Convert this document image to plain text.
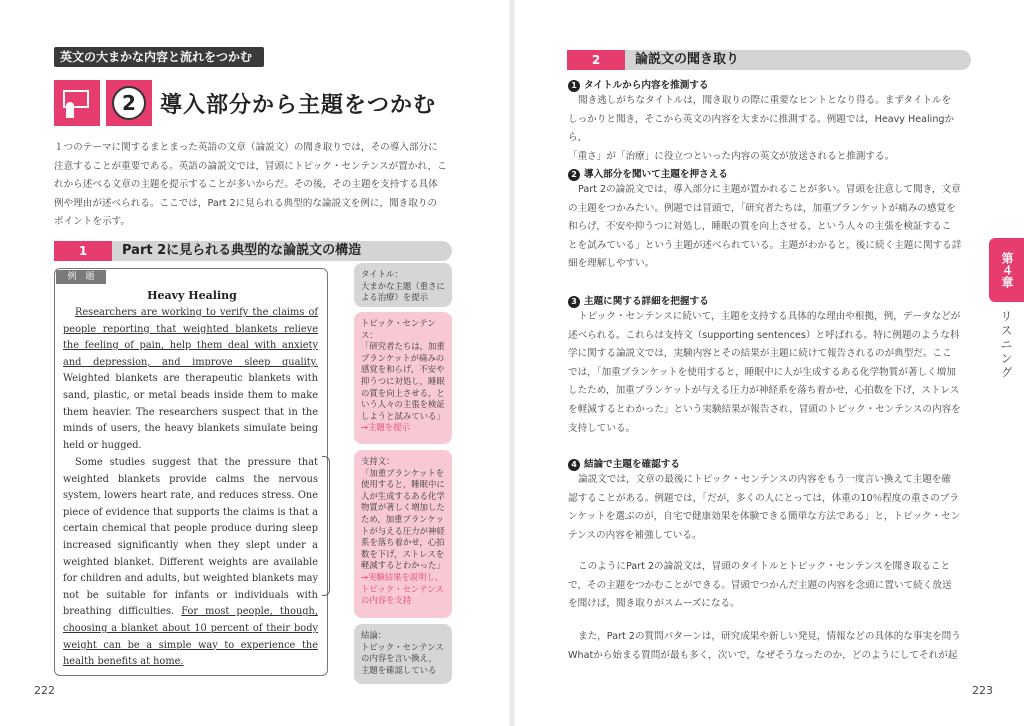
英文の大まかな内容と流れをつかむ
2	導入部分から主題をつかむ
１つのテーマに関するまとまった英語の文章（論説文）の聞き取りでは，その導入部分に
注意することが重要である。英語の論説文では，冒頭にトピック・センテンスが置かれ，こ
れから述べる文章の主題を提示することが多いからだ。その後，その主題を支持する具体
例や理由が述べられる。ここでは，Part 2に見られる典型的な論説文を例に，聞き取りの
ポイントを示す。
1	Part 2に見られる典型的な論説文の構造
例　題
Heavy Healing
Researchers are working to verify the claims of people reporting that weighted blankets relieve the feeling of pain, help them deal with anxiety and depression, and improve sleep quality. Weighted blankets are therapeutic blankets with sand, plastic, or metal beads inside them to make them heavier. The researchers suspect that in the minds of users, the heavy blankets simulate being held or hugged.
Some studies suggest that the pressure that weighted blankets provide calms the nervous system, lowers heart rate, and reduces stress. One piece of evidence that supports the claims is that a certain chemical that people produce during sleep increased significantly when they slept under a weighted blanket. Different weights are available for children and adults, but weighted blankets may not be suitable for infants or individuals with breathing difficulties. For most people, though, choosing a blanket about 10 percent of their body weight can be a simple way to experience the health benefits at home.
タイトル：
大まかな主題（重さによる治療）を提示
トピック・センテンス：
「研究者たちは，加重ブランケットが痛みの感覚を和らげ，不安や抑うつに対処し，睡眠の質を向上させる，という人々の主張を検証しようと試みている」
→主題を提示
支持文：
「加重ブランケットを使用すると，睡眠中に人が生成するある化学物質が著しく増加したため，加重ブランケットが与える圧力が神経系を落ち着かせ，心拍数を下げ，ストレスを軽減するとわかった」
→実験結果を説明し，トピック・センテンスの内容を支持
結論：
トピック・センテンスの内容を言い換え，主題を確認している
222
2	論説文の聞き取り
1 タイトルから内容を推測する
聞き逃しがちなタイトルは，聞き取りの際に重要なヒントとなり得る。まずタイトルを
しっかりと聞き，そこから英文の内容を大まかに推測する。例題では，Heavy Healingから，
「重さ」が「治療」に役立つといった内容の英文が放送されると推測する。
2 導入部分を聞いて主題を押さえる
Part 2の論説文では，導入部分に主題が置かれることが多い。冒頭を注意して聞き，文章
の主題をつかみたい。例題では冒頭で，「研究者たちは，加重ブランケットが痛みの感覚を
和らげ，不安や抑うつに対処し，睡眠の質を向上させる，という人々の主張を検証するこ
とを試みている」という主題が述べられている。主題がわかると，後に続く主題に関する詳
細を理解しやすい。
3 主題に関する詳細を把握する
トピック・センテンスに続いて，主題を支持する具体的な理由や根拠，例，データなどが
述べられる。これらは支持文（supporting sentences）と呼ばれる。特に例題のような科
学に関する論説文では，実験内容とその結果が主題に続けて報告されるのが典型だ。ここ
では，「加重ブランケットを使用すると，睡眠中に人が生成するある化学物質が著しく増加
したため，加重ブランケットが与える圧力が神経系を落ち着かせ，心拍数を下げ，ストレス
を軽減するとわかった」という実験結果が報告され，冒頭のトピック・センテンスの内容を
支持している。
4 結論で主題を確認する
論説文では，文章の最後にトピック・センテンスの内容をもう一度言い換えて主題を確
認することがある。例題では，「だが，多くの人にとっては，体重の10％程度の重さのブラ
ンケットを選ぶのが，自宅で健康効果を体験できる簡単な方法である」と，トピック・セン
テンスの内容を補強している。
このようにPart 2の論説文は，冒頭のタイトルとトピック・センテンスを聞き取ること
で，その主題をつかむことができる。冒頭でつかんだ主題の内容を念頭に置いて続く放送
を聞けば，聞き取りがスムーズになる。
また，Part 2の質問パターンは，研究成果や新しい発見，情報などの具体的な事実を問う
Whatから始まる質問が最も多く，次いで，なぜそうなったのか，どのようにしてそれが起
第４章
リスニング
223
